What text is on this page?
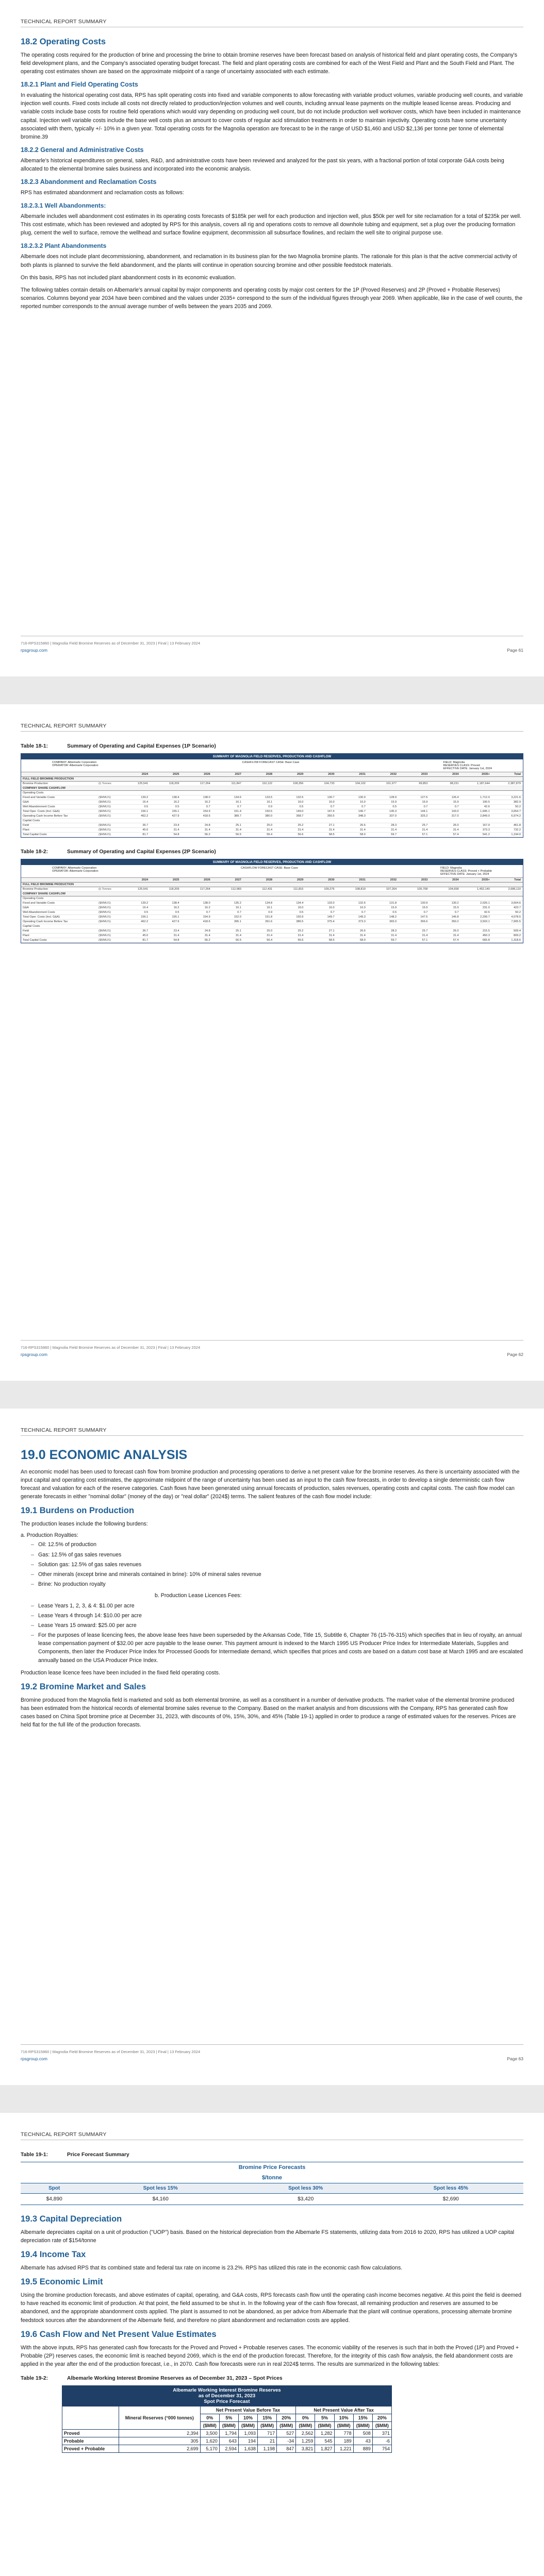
TECHNICAL REPORT SUMMARY
18.2 Operating Costs

The operating costs required for the production of brine and processing the brine to obtain bromine reserves have been forecast based on analysis of historical field and plant operating costs, the Company's field development plans, and the Company's associated operating budget forecast. The field and plant operating costs are combined for each of the West Field and Plant and the South Field and Plant. The operating cost estimates shown are based on the approximate midpoint of a range of uncertainty associated with each estimate.

18.2.1 Plant and Field Operating Costs

In evaluating the historical operating cost data, RPS has split operating costs into fixed and variable components to allow forecasting with variable product volumes, variable producing well counts, and variable injection well counts. Fixed costs include all costs not directly related to production/injection volumes and well counts, including annual lease payments on the multiple leased license areas. Producing and variable costs include base costs for routine field operations which would vary depending on producing well count, but do not include production well workover costs, which have been included in maintenance capital. Injection well variable costs include the base well costs plus an amount to cover costs of regular acid stimulation treatments in order to maintain injectivity. Operating costs have some uncertainty associated with them, typically +/- 10% in a given year. Total operating costs for the Magnolia operation are forecast to be in the range of USD $1,460 and USD $2,136 per tonne per tonne of elemental bromine.39

18.2.2 General and Administrative Costs

Albemarle's historical expenditures on general, sales, R&D, and administrative costs have been reviewed and analyzed for the past six years, with a fractional portion of total corporate G&A costs being allocated to the elemental bromine sales business and incorporated into the economic analysis.

18.2.3 Abandonment and Reclamation Costs

RPS has estimated abandonment and reclamation costs as follows:

18.2.3.1 Well Abandonments:

Albemarle includes well abandonment cost estimates in its operating costs forecasts of $185k per well for each production and injection well, plus $50k per well for site reclamation for a total of $235k per well. This cost estimate, which has been reviewed and adopted by RPS for this analysis, covers all rig and operations costs to remove all downhole tubing and equipment, set a plug over the producing formation plug, cement the well to surface, remove the wellhead and surface flowline equipment, decommission all subsurface flowlines, and reclaim the well site to original purpose use.

18.2.3.2 Plant Abandonments

Albemarle does not include plant decommissioning, abandonment, and reclamation in its business plan for the two Magnolia bromine plants. The rationale for this plan is that the active commercial activity of both plants is planned to survive the field abandonment, and the plants will continue in operation sourcing bromine and other possible feedstock materials.

On this basis, RPS has not included plant abandonment costs in its economic evaluation.

The following tables contain details on Albemarle's annual capital by major components and operating costs by major cost centers for the 1P (Proved Reserves) and 2P (Proved + Probable Reserves) scenarios. Columns beyond year 2034 have been combined and the values under 2035+ correspond to the sum of the individual figures through year 2069. When applicable, like in the case of well counts, the reported number corresponds to the annual average number of wells between the years 2035 and 2069.

716-RPS315860 | Magnolia Field Bromine Reserves as of December 31, 2023 | Final | 13 February 2024
rpsgroup.com	Page 61
TECHNICAL REPORT SUMMARY
Table 18-1:	Summary of Operating and Capital Expenses (1P Scenario)
SUMMARY OF MAGNOLIA FIELD RESERVES, PRODUCTION AND CASHFLOW
COMPANY: Albemarle Corporation
OPERATOR: Albemarle Corporation
CASHFLOW FORECAST CASE: Base Case	FIELD: Magnolia
RESERVES CLASS: Proved
EFFECTIVE DATE: January 1st, 2024
2024	2025	2026	2027	2028	2029	2030	2031	2032	2033	2034	2035+	Total
FULL FIELD BROMINE PRODUCTION
Bromine Production	(t) Tonnes	125,541	118,209	117,264	111,847	110,122	108,356	104,733	104,102	101,977	99,853	98,231	1,187,644	2,387,879
COMPANY SHARE CASHFLOW
Operating Costs
Fixed and Variable Costs	($MMUS)	139.2	138.4	138.0	134.6	133.5	132.5	130.7	130.0	128.9	127.5	126.4	1,712.0	3,221.6
G&A	($MMUS)	16.4	16.2	16.2	16.1	16.1	16.0	16.0	16.0	15.9	15.9	15.9	190.5	382.9
Well Abandonment Costs	($MMUS)	0.5	0.5	0.7	0.7	0.9	0.5	0.7	0.7	0.5	0.7	0.7	42.6	50.2
Total Oper. Costs (Incl. G&A)	($MMUS)	156.1	155.1	154.9	151.4	150.5	149.0	147.4	146.7	145.3	144.1	143.0	1,945.1	3,654.7
Operating Cash Income Before Tax	($MMUS)	462.2	427.9	418.6	389.7	380.0	368.7	350.5	348.3	337.0	325.2	317.0	2,849.0	6,974.2
Capital Costs
Field	($MMUS)	36.7	23.4	24.8	25.1	25.0	25.2	27.1	26.6	28.3	25.7	26.0	167.9	461.8
Plant	($MMUS)	45.0	31.4	31.4	31.4	31.4	31.4	31.4	31.4	31.4	31.4	31.4	373.3	732.2
Total Capital Costs	($MMUS)	81.7	54.8	56.2	56.5	56.4	56.6	58.5	58.0	59.7	57.1	57.4	541.2	1,194.0
Table 18-2:	Summary of Operating and Capital Expenses (2P Scenario)
SUMMARY OF MAGNOLIA FIELD RESERVES, PRODUCTION AND CASHFLOW
COMPANY: Albemarle Corporation
OPERATOR: Albemarle Corporation
CASHFLOW FORECAST CASE: Base Case	FIELD: Magnolia
RESERVES CLASS: Proved + Probable
EFFECTIVE DATE: January 1st, 2024
2024	2025	2026	2027	2028	2029	2030	2031	2032	2033	2034	2035+	Total
FULL FIELD BROMINE PRODUCTION
Bromine Production	(t) Tonnes	125,541	118,209	117,264	112,983	112,431	111,816	109,276	108,819	107,264	105,708	104,658	1,452,140	2,686,110
COMPANY SHARE CASHFLOW
Operating Costs
Fixed and Variable Costs	($MMUS)	139.2	138.4	138.0	135.2	134.8	134.4	133.0	132.6	131.8	130.9	130.2	2,026.1	3,604.6
G&A	($MMUS)	16.4	16.2	16.2	16.1	16.1	16.0	16.0	16.0	15.9	15.9	15.9	231.0	423.7
Well Abandonment Costs	($MMUS)	0.5	0.5	0.7	0.7	0.9	0.5	0.7	0.7	0.5	0.7	0.7	42.6	50.2
Total Oper. Costs (Incl. G&A)	($MMUS)	156.1	155.1	154.9	152.0	151.8	150.9	149.7	149.3	148.2	147.5	146.8	2,299.7	4,078.5
Operating Cash Income Before Tax	($MMUS)	462.2	427.9	418.6	395.1	391.6	386.5	375.4	373.3	365.0	356.6	350.2	3,503.1	7,905.5
Capital Costs
Field	($MMUS)	36.7	23.4	24.8	25.1	25.0	25.2	27.1	26.6	28.3	25.7	26.0	215.5	509.4
Plant	($MMUS)	45.0	31.4	31.4	31.4	31.4	31.4	31.4	31.4	31.4	31.4	31.4	450.3	809.2
Total Capital Costs	($MMUS)	81.7	54.8	56.2	56.5	56.4	56.6	58.5	58.0	59.7	57.1	57.4	665.8	1,318.6
716-RPS315860 | Magnolia Field Bromine Reserves as of December 31, 2023 | Final | 13 February 2024
rpsgroup.com	Page 62
TECHNICAL REPORT SUMMARY
19.0 ECONOMIC ANALYSIS

An economic model has been used to forecast cash flow from bromine production and processing operations to derive a net present value for the bromine reserves. As there is uncertainty associated with the input capital and operating cost estimates, the approximate midpoint of the range of uncertainty has been used as an input to the cash flow forecasts, in order to develop a single deterministic cash flow forecast and valuation for each of the reserve categories. Cash flows have been generated using annual forecasts of production, sales revenues, operating costs and capital costs. The cash flow model can generate forecasts in either "nominal dollar" (money of the day) or "real dollar" (2024$) terms. The salient features of the cash flow model include:

19.1 Burdens on Production

The production leases include the following burdens:

a. Production Royalties:
– Oil: 12.5% of production
– Gas: 12.5% of gas sales revenues
– Solution gas: 12.5% of gas sales revenues
– Other minerals (except brine and minerals contained in brine): 10% of mineral sales revenue
– Brine: No production royalty
b. Production Lease Licences Fees:
– Lease Years 1, 2, 3, & 4: $1.00 per acre
– Lease Years 4 through 14: $10.00 per acre
– Lease Years 15 onward: $25.00 per acre
– For the purposes of lease licencing fees, the above lease fees have been superseded by the Arkansas Code, Title 15, Subtitle 6, Chapter 76 (15-76-315) which specifies that in lieu of royalty, an annual lease compensation payment of $32.00 per acre payable to the lease owner. This payment amount is indexed to the March 1995 US Producer Price Index for Intermediate Materials, Supplies and Components, then later the Producer Price Index for Processed Goods for Intermediate demand, which specifies that prices and costs are based on a datum cost base at March 1995 and are escalated annually based on the USA Producer Price Index.

Production lease licence fees have been included in the fixed field operating costs.

19.2 Bromine Market and Sales

Bromine produced from the Magnolia field is marketed and sold as both elemental bromine, as well as a constituent in a number of derivative products. The market value of the elemental bromine produced has been estimated from the historical records of elemental bromine sales revenue to the Company. Based on the market analysis and from discussions with the Company, RPS has generated cash flow cases based on China Spot bromine price at December 31, 2023, with discounts of 0%, 15%, 30%, and 45% (Table 19-1) applied in order to produce a range of estimated values for the reserves. Prices are held flat for the full life of the production forecasts.

716-RPS315860 | Magnolia Field Bromine Reserves as of December 31, 2023 | Final | 13 February 2024
rpsgroup.com	Page 63
TECHNICAL REPORT SUMMARY
Table 19-1:	Price Forecast Summary
Bromine Price Forecasts			
$/tonne			
Spot	Spot less 15%	Spot less 30%	Spot less 45%
$4,890	$4,160	$3,420	$2,690
19.3 Capital Depreciation

Albemarle depreciates capital on a unit of production ("UOP") basis. Based on the historical depreciation from the Albemarle FS statements, utilizing data from 2016 to 2020, RPS has utilized a UOP capital depreciation rate of $154/tonne

19.4 Income Tax

Albemarle has advised RPS that its combined state and federal tax rate on income is 23.2%. RPS has utilized this rate in the economic cash flow calculations.

19.5 Economic Limit

Using the bromine production forecasts, and above estimates of capital, operating, and G&A costs, RPS forecasts cash flow until the operating cash income becomes negative. At this point the field is deemed to have reached its economic limit of production. At that point, the field assumed to be shut in. In the following year of the cash flow forecast, all remaining production and reserves are assumed to be abandoned, and the appropriate abandonment costs applied. The plant is assumed to not be abandoned, as per advice from Albemarle that the plant will continue operations, processing alternate bromine feedstock sources after the abandonment of the Albemarle field, and therefore no plant abandonment and reclamation costs are applied.

19.6 Cash Flow and Net Present Value Estimates

With the above inputs, RPS has generated cash flow forecasts for the Proved and Proved + Probable reserves cases. The economic viability of the reserves is such that in both the Proved (1P) and Proved + Probable (2P) reserves cases, the economic limit is reached beyond 2069, which is the end of the production forecast. Therefore, for the integrity of this cash flow analysis, the field abandonment costs are applied in the year after the end of the production forecast, i.e., in 2070. Cash flow forecasts were run in real 2024$ terms. The results are summarized in the following tables:

Table 19-2:	Albemarle Working Interest Bromine Reserves as of December 31, 2023 – Spot Prices
Albemarle Working Interest Bromine Reserves
as of December 31, 2023
Spot Price Forecast											

	Mineral Reserves (°000 tonnes)	Net Present Value Before Tax					Net Present Value After Tax				
		0%	5%	10%	15%	20%	0%	5%	10%	15%	20%
		($MM)	($MM)	($MM)	($MM)	($MM)	($MM)	($MM)	($MM)	($MM)	($MM)
Proved	2,394	3,500	1,794	1,093	717	527	2,562	1,282	778	508	371
Probable	305	1,620	643	194	21	-34	1,259	545	189	43	-6
Proved + Probable	2,699	5,170	2,594	1,638	1,198	847	3,821	1,827	1,221	889	754
